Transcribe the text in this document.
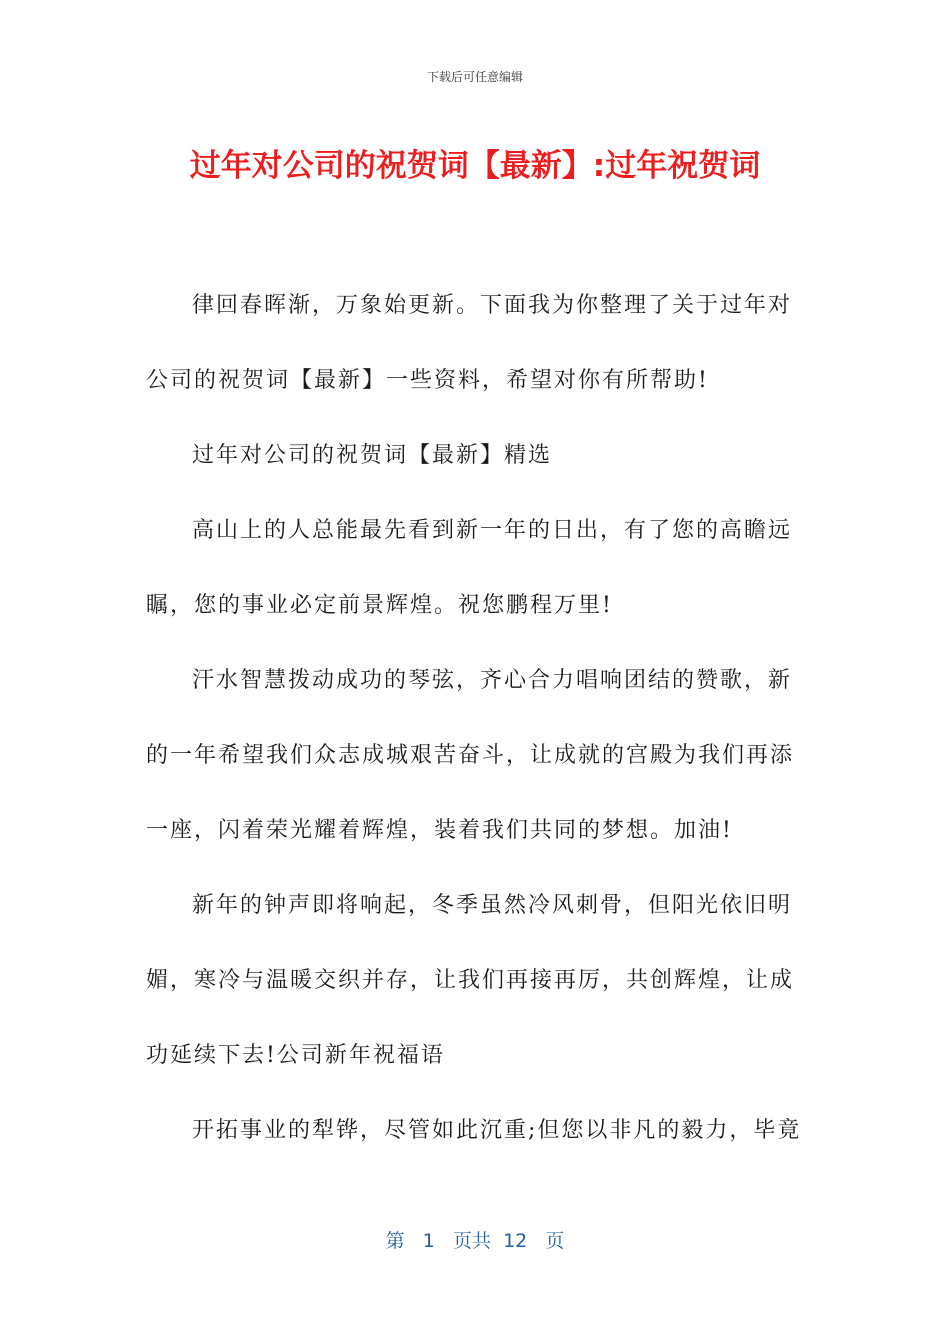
下载后可任意编辑
过年对公司的祝贺词【最新】:过年祝贺词

律回春晖渐，万象始更新。下面我为你整理了关于过年对公司的祝贺词【最新】一些资料，希望对你有所帮助!

过年对公司的祝贺词【最新】精选

高山上的人总能最先看到新一年的日出，有了您的高瞻远瞩，您的事业必定前景辉煌。祝您鹏程万里!

汗水智慧拨动成功的琴弦，齐心合力唱响团结的赞歌，新的一年希望我们众志成城艰苦奋斗，让成就的宫殿为我们再添一座，闪着荣光耀着辉煌，装着我们共同的梦想。加油!

新年的钟声即将响起，冬季虽然冷风刺骨，但阳光依旧明媚，寒冷与温暖交织并存，让我们再接再厉，共创辉煌，让成功延续下去!公司新年祝福语

开拓事业的犁铧，尽管如此沉重;但您以非凡的毅力，毕竟

第 1 页共 12 页
